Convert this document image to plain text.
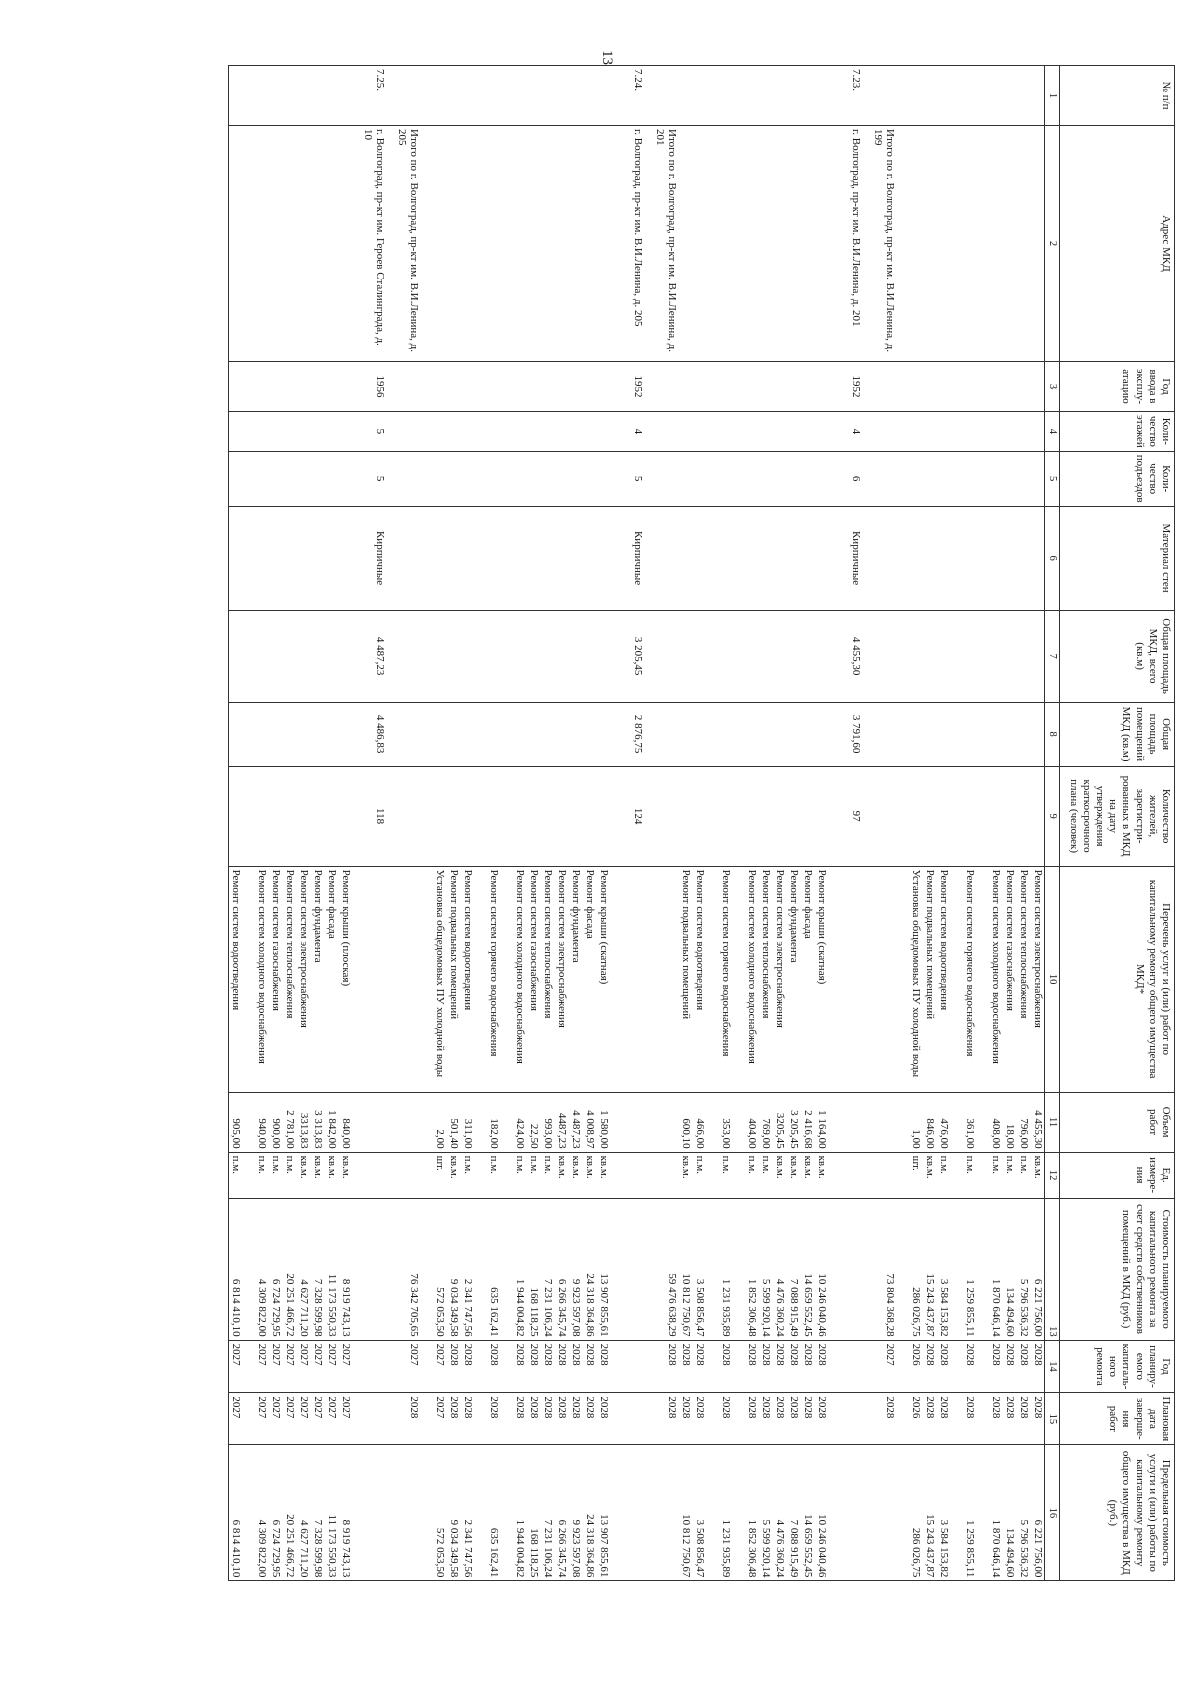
13
№ п/п	Адрес МКД	Год ввода в эксплу-атацию	Коли-чество этажей	Коли-чество подъездов	Материал стен	Общая площадь МКД, всего (кв.м)	Общая площадь помещений МКД (кв.м)	Количество жителей, зарегистри-рованных в МКД на дату утверждения краткосрочного плана (человек)	Перечень услуг и (или) работ по капитальному ремонту общего имущества МКД*	Объем работ	Ед. измере-ния	Стоимость планируемого капитального ремонта за счет средств собственников помещений в МКД (руб.)	Год планиру-емого капиталь-ного ремонта	Плановая дата заверше-ния работ	Предельная стоимость услуги и (или) работы по капитальному ремонту общего имущества в МКД (руб.)
1	2	3	4	5	6	7	8	9	10	11	12	13	14	15	16
									Ремонт систем электроснабжения	4 455,30	кв.м.	6 221 756,00	2028	2028	6 221 756,00
									Ремонт систем теплоснабжения	796,00	п.м.	5 796 536,32	2028	2028	5 796 536,32
									Ремонт систем газоснабжения	18,00	п.м.	134 494,60	2028	2028	134 494,60
									Ремонт систем холодного водоснабжения	408,00	п.м.	1 870 646,14	2028	2028	1 870 646,14
									Ремонт систем горячего водоснабжения	361,00	п.м.	1 259 855,11	2028	2028	1 259 855,11
									Ремонт систем водоотведения	476,00	п.м.	3 584 153,82	2028	2028	3 584 153,82
									Ремонт подвальных помещений	846,00	кв.м.	15 243 437,87	2028	2028	15 243 437,87
									Установка общедомовых ПУ холодной воды	1,00	шт.	286 026,75	2026	2026	286 026,75
	Итого по г. Волгоград, пр-кт им. В.И.Ленина, д. 199											73 804 368,28	2027	2028	
7.23.	г. Волгоград, пр-кт им. В.И.Ленина, д. 201	1952	4	6	Кирпичные	4 455,30	3 791,60	97							
									Ремонт крыши (скатная)	1 164,00	кв.м.	10 246 040,46	2028	2028	10 246 040,46
									Ремонт фасада	2 416,68	кв.м.	14 659 552,45	2028	2028	14 659 552,45
									Ремонт фундамента	3 205,45	кв.м.	7 088 915,49	2028	2028	7 088 915,49
									Ремонт систем электроснабжения	3205,45	кв.м.	4 476 360,24	2028	2028	4 476 360,24
									Ремонт систем теплоснабжения	769,00	п.м.	5 599 920,14	2028	2028	5 599 920,14
									Ремонт систем холодного водоснабжения	404,00	п.м.	1 852 306,48	2028	2028	1 852 306,48
									Ремонт систем горячего водоснабжения	353,00	п.м.	1 231 935,89	2028	2028	1 231 935,89
									Ремонт систем водоотведения	466,00	п.м.	3 508 856,47	2028	2028	3 508 856,47
									Ремонт подвальных помещений	600,10	кв.м.	10 812 750,67	2028	2028	10 812 750,67
	Итого по г. Волгоград, пр-кт им. В.И.Ленина, д. 201											59 476 638,29	2028	2028	
7.24.	г. Волгоград, пр-кт им. В.И.Ленина, д. 205	1952	4	5	Кирпичные	3 205,45	2 876,75	124							
									Ремонт крыши (скатная)	1 580,00	кв.м.	13 907 855,61	2028	2028	13 907 855,61
									Ремонт фасада	4 008,97	кв.м.	24 318 364,86	2028	2028	24 318 364,86
									Ремонт фундамента	4 487,23	кв.м.	9 923 597,08	2028	2028	9 923 597,08
									Ремонт систем электроснабжения	4487,23	кв.м.	6 266 345,74	2028	2028	6 266 345,74
									Ремонт систем теплоснабжения	993,00	п.м.	7 231 106,24	2028	2028	7 231 106,24
									Ремонт систем газоснабжения	22,50	п.м.	168 118,25	2028	2028	168 118,25
									Ремонт систем холодного водоснабжения	424,00	п.м.	1 944 004,82	2028	2028	1 944 004,82
									Ремонт систем горячего водоснабжения	182,00	п.м.	635 162,41	2028	2028	635 162,41
									Ремонт систем водоотведения	311,00	п.м.	2 341 747,56	2028	2028	2 341 747,56
									Ремонт подвальных помещений	501,40	кв.м.	9 034 349,58	2028	2028	9 034 349,58
									Установка общедомовых ПУ холодной воды	2,00	шт.	572 053,50	2027	2027	572 053,50
	Итого по г. Волгоград, пр-кт им. В.И.Ленина, д. 205											76 342 705,65	2027	2028	
7.25.	г. Волгоград, пр-кт им. Героев Сталинграда, д. 10	1956	5	5	Кирпичные	4 487,23	4 486,83	118							
									Ремонт крыши (плоская)	840,00	кв.м.	8 919 743,13	2027	2027	8 919 743,13
									Ремонт фасада	1 842,00	кв.м.	11 173 550,33	2027	2027	11 173 550,33
									Ремонт фундамента	3 313,83	кв.м.	7 328 599,98	2027	2027	7 328 599,98
									Ремонт систем электроснабжения	3313,83	кв.м.	4 627 711,20	2027	2027	4 627 711,20
									Ремонт систем теплоснабжения	2 781,00	п.м.	20 251 466,72	2027	2027	20 251 466,72
									Ремонт систем газоснабжения	900,00	п.м.	6 724 729,95	2027	2027	6 724 729,95
									Ремонт систем холодного водоснабжения	940,00	п.м.	4 309 822,00	2027	2027	4 309 822,00
									Ремонт систем водоотведения	905,00	п.м.	6 814 410,10	2027	2027	6 814 410,10
